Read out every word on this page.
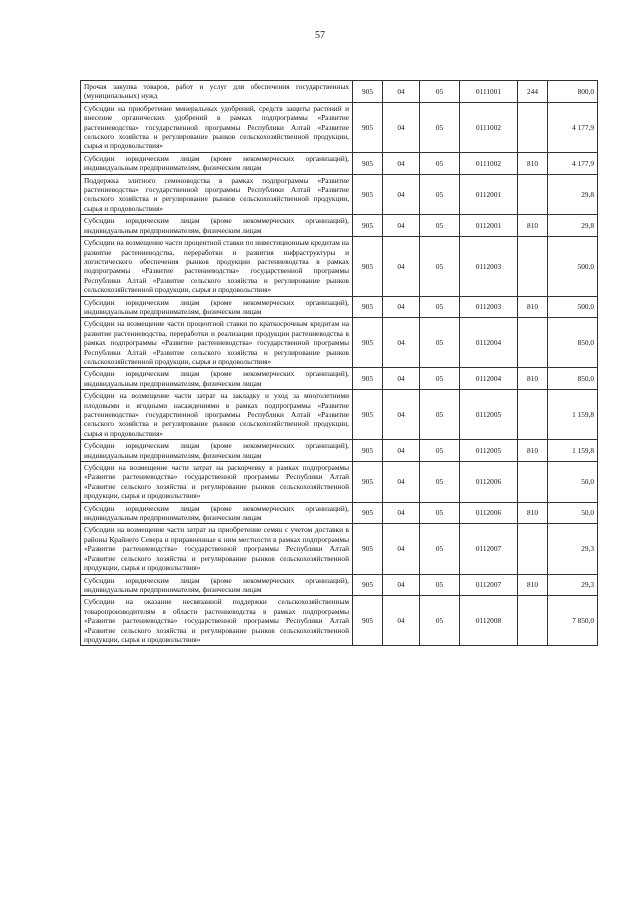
57
Прочая закупка товаров, работ и услуг для обеспечения государственных (муниципальных) нужд	905	04	05	0111001	244	800,0
Субсидии на приобретение минеральных удобрений, средств защиты растений и внесение органических удобрений в рамках подпрограммы «Развитие растениеводства» государственной программы Республики Алтай «Развитие сельского хозяйства и регулирование рынков сельскохозяйственной продукции, сырья и продовольствия»	905	04	05	0111002		4 177,9
Субсидии юридическим лицам (кроме некоммерческих организаций), индивидуальным предпринимателям, физическим лицам	905	04	05	0111002	810	4 177,9
Поддержка элитного семеноводства в рамках подпрограммы «Развитие растениеводства» государственной программы Республики Алтай «Развитие сельского хозяйства и регулирование рынков сельскохозяйственной продукции, сырья и продовольствия»	905	04	05	0112001		29,8
Субсидии юридическим лицам (кроме некоммерческих организаций), индивидуальным предпринимателям, физическим лицам	905	04	05	0112001	810	29,8
Субсидии на возмещение части процентной ставки по инвестиционным кредитам на развитие растениеводства, переработки и развития инфраструктуры и логистического обеспечения рынков продукции растениеводства в рамках подпрограммы «Развитие растениеводства» государственной программы Республики Алтай «Развитие сельского хозяйства и регулирование рынков сельскохозяйственной продукции, сырья и продовольствия»	905	04	05	0112003		500,0
Субсидии юридическим лицам (кроме некоммерческих организаций), индивидуальным предпринимателям, физическим лицам	905	04	05	0112003	810	500,0
Субсидии на возмещение части процентной ставки по краткосрочным кредитам на развитие растениеводства, переработки и реализации продукции растениеводства в рамках подпрограммы «Развитие растениеводства» государственной программы Республики Алтай «Развитие сельского хозяйства и регулирование рынков сельскохозяйственной продукции, сырья и продовольствия»	905	04	05	0112004		850,0
Субсидии юридическим лицам (кроме некоммерческих организаций), индивидуальным предпринимателям, физическим лицам	905	04	05	0112004	810	850,0
Субсидии на возмещение части затрат на закладку и уход за многолетними плодовыми и ягодными насаждениями в рамках подпрограммы «Развитие растениеводства» государственной программы Республики Алтай «Развитие сельского хозяйства и регулирование рынков сельскохозяйственной продукции, сырья и продовольствия»	905	04	05	0112005		1 159,8
Субсидии юридическим лицам (кроме некоммерческих организаций), индивидуальным предпринимателям, физическим лицам	905	04	05	0112005	810	1 159,8
Субсидии на возмещение части затрат на раскорчевку в рамках подпрограммы «Развитие растениеводства» государственной программы Республики Алтай «Развитие сельского хозяйства и регулирование рынков сельскохозяйственной продукции, сырья и продовольствия»	905	04	05	0112006		50,0
Субсидии юридическим лицам (кроме некоммерческих организаций), индивидуальным предпринимателям, физическим лицам	905	04	05	0112006	810	50,0
Субсидии на возмещение части затрат на приобретение семян с учетом доставки в районы Крайнего Севера и приравненные к ним местности в рамках подпрограммы «Развитие растениеводства» государственной программы Республики Алтай «Развитие сельского хозяйства и регулирование рынков сельскохозяйственной продукции, сырья и продовольствия»	905	04	05	0112007		29,3
Субсидии юридическим лицам (кроме некоммерческих организаций), индивидуальным предпринимателям, физическим лицам	905	04	05	0112007	810	29,3
Субсидии на оказание несвязанной поддержки сельскохозяйственным товаропроизводителям в области растениеводства в рамках подпрограммы «Развитие растениеводства» государственной программы Республики Алтай «Развитие сельского хозяйства и регулирование рынков сельскохозяйственной продукции, сырья и продовольствия»	905	04	05	0112008		7 850,0
